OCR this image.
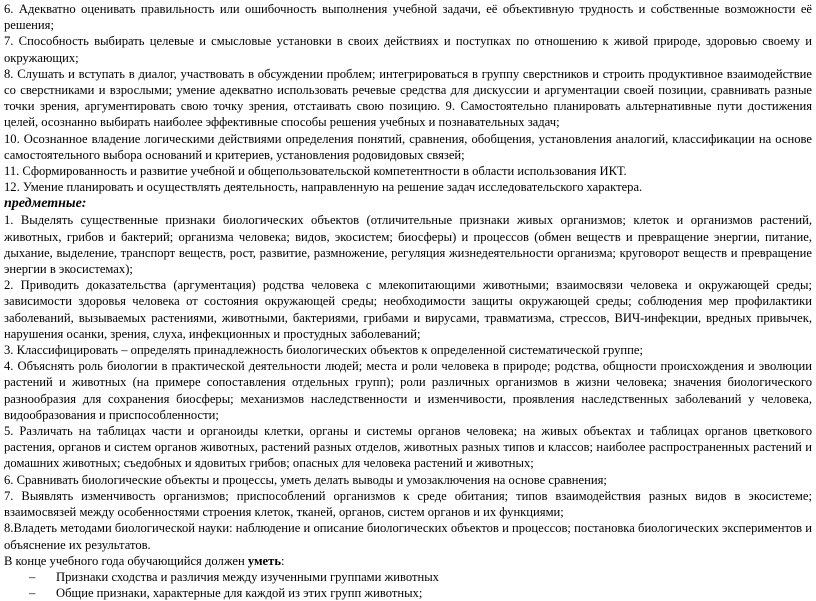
6. Адекватно оценивать правильность или ошибочность выполнения учебной задачи, её объективную трудность и собственные возможности её решения;

7. Способность выбирать целевые и смысловые установки в своих действиях и поступках по отношению к живой природе, здоровью своему и окружающих;

8. Слушать и вступать в диалог, участвовать в обсуждении проблем; интегрироваться в группу сверстников и строить продуктивное взаимодействие со сверстниками и взрослыми; умение адекватно использовать речевые средства для дискуссии и аргументации своей позиции, сравнивать разные точки зрения, аргументировать свою точку зрения, отстаивать свою позицию. 9. Самостоятельно планировать альтернативные пути достижения целей, осознанно выбирать наиболее эффективные способы решения учебных и познавательных задач;

10. Осознанное владение логическими действиями определения понятий, сравнения, обобщения, установления аналогий, классификации на основе самостоятельного выбора оснований и критериев, установления родовидовых связей;

11. Сформированность и развитие учебной и общепользовательской компетентности в области использования ИКТ.

12. Умение планировать и осуществлять деятельность, направленную на решение задач исследовательского характера.

предметные:

1. Выделять существенные признаки биологических объектов (отличительные признаки живых организмов; клеток и организмов растений, животных, грибов и бактерий; организма человека; видов, экосистем; биосферы) и процессов (обмен веществ и превращение энергии, питание, дыхание, выделение, транспорт веществ, рост, развитие, размножение, регуляция жизнедеятельности организма; круговорот веществ и превращение энергии в экосистемах);

2. Приводить доказательства (аргументация) родства человека с млекопитающими животными; взаимосвязи человека и окружающей среды; зависимости здоровья человека от состояния окружающей среды; необходимости защиты окружающей среды; соблюдения мер профилактики заболеваний, вызываемых растениями, животными, бактериями, грибами и вирусами, травматизма, стрессов, ВИЧ-инфекции, вредных привычек, нарушения осанки, зрения, слуха, инфекционных и простудных заболеваний;

3. Классифицировать – определять принадлежность биологических объектов к определенной систематической группе;

4. Объяснять роль биологии в практической деятельности людей; места и роли человека в природе; родства, общности происхождения и эволюции растений и животных (на примере сопоставления отдельных групп); роли различных организмов в жизни человека; значения биологического разнообразия для сохранения биосферы; механизмов наследственности и изменчивости, проявления наследственных заболеваний у человека, видообразования и приспособленности;

5. Различать на таблицах части и органоиды клетки, органы и системы органов человека; на живых объектах и таблицах органов цветкового растения, органов и систем органов животных, растений разных отделов, животных разных типов и классов; наиболее распространенных растений и домашних животных; съедобных и ядовитых грибов; опасных для человека растений и животных;

6. Сравнивать биологические объекты и процессы, уметь делать выводы и умозаключения на основе сравнения;

7. Выявлять изменчивость организмов; приспособлений организмов к среде обитания; типов взаимодействия разных видов в экосистеме; взаимосвязей между особенностями строения клеток, тканей, органов, систем органов и их функциями;

8.Владеть методами биологической науки: наблюдение и описание биологических объектов и процессов; постановка биологических экспериментов и объяснение их результатов.

В конце учебного года обучающийся должен уметь:

– Признаки сходства и различия между изученными группами животных
– Общие признаки, характерные для каждой из этих групп животных;
